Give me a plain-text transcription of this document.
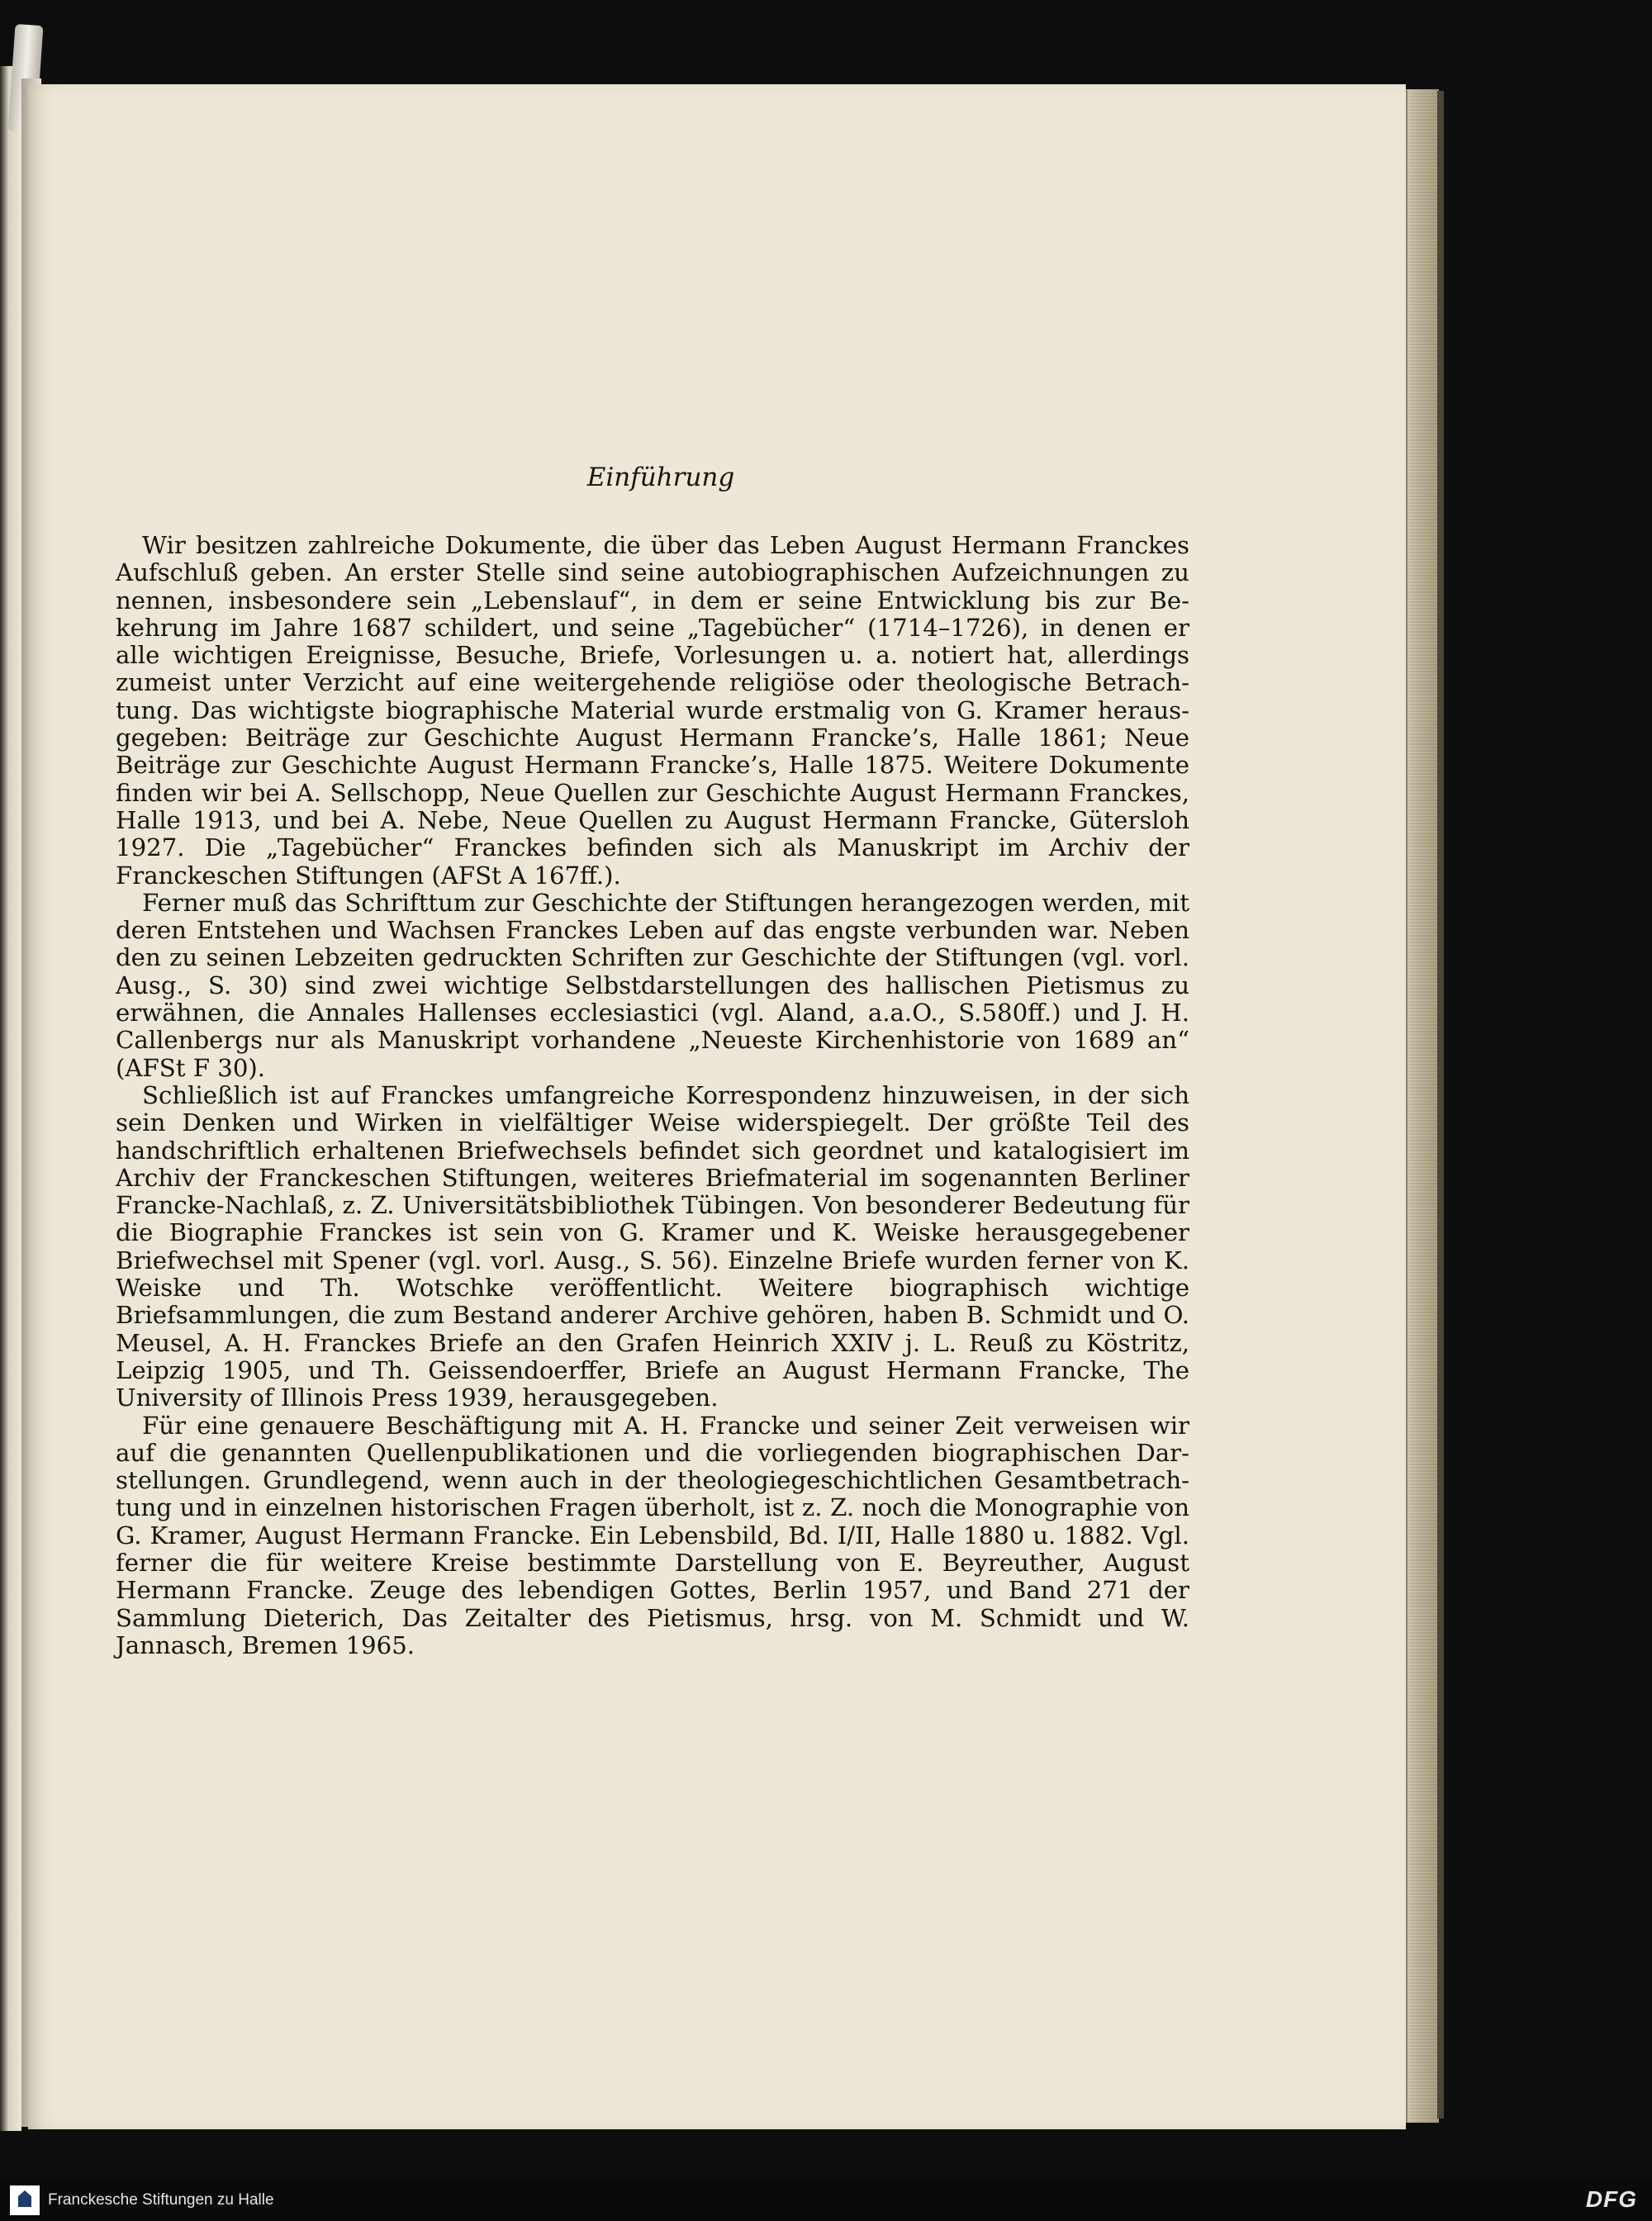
Einführung

Wir besitzen zahlreiche Dokumente, die über das Leben August Hermann Franckes Aufschluß geben. An erster Stelle sind seine autobiographischen Aufzeichnungen zu nennen, insbesondere sein „Lebenslauf“, in dem er seine Entwicklung bis zur Bekehrung im Jahre 1687 schildert, und seine „Tagebücher“ (1714–1726), in denen er alle wichtigen Ereignisse, Besuche, Briefe, Vorlesungen u. a. notiert hat, allerdings zumeist unter Verzicht auf eine weitergehende religiöse oder theologische Betrachtung. Das wichtigste biographische Material wurde erstmalig von G. Kramer herausgegeben: Beiträge zur Geschichte August Hermann Francke’s, Halle 1861; Neue Beiträge zur Geschichte August Hermann Francke’s, Halle 1875. Weitere Dokumente finden wir bei A. Sellschopp, Neue Quellen zur Geschichte August Hermann Franckes, Halle 1913, und bei A. Nebe, Neue Quellen zu August Hermann Francke, Gütersloh 1927. Die „Tagebücher“ Franckes befinden sich als Manuskript im Archiv der Franckeschen Stiftungen (AFSt A 167ff.).

Ferner muß das Schrifttum zur Geschichte der Stiftungen herangezogen werden, mit deren Entstehen und Wachsen Franckes Leben auf das engste verbunden war. Neben den zu seinen Lebzeiten gedruckten Schriften zur Geschichte der Stiftungen (vgl. vorl. Ausg., S. 30) sind zwei wichtige Selbstdarstellungen des hallischen Pietismus zu erwähnen, die Annales Hallenses ecclesiastici (vgl. Aland, a.a.O., S.580ff.) und J. H. Callenbergs nur als Manuskript vorhandene „Neueste Kirchenhistorie von 1689 an“ (AFSt F 30).

Schließlich ist auf Franckes umfangreiche Korrespondenz hinzuweisen, in der sich sein Denken und Wirken in vielfältiger Weise widerspiegelt. Der größte Teil des handschriftlich erhaltenen Briefwechsels befindet sich geordnet und katalogisiert im Archiv der Franckeschen Stiftungen, weiteres Briefmaterial im sogenannten Berliner Francke-Nachlaß, z. Z. Universitätsbibliothek Tübingen. Von besonderer Bedeutung für die Biographie Franckes ist sein von G. Kramer und K. Weiske herausgegebener Briefwechsel mit Spener (vgl. vorl. Ausg., S. 56). Einzelne Briefe wurden ferner von K. Weiske und Th. Wotschke veröffentlicht. Weitere biographisch wichtige Briefsammlungen, die zum Bestand anderer Archive gehören, haben B. Schmidt und O. Meusel, A. H. Franckes Briefe an den Grafen Heinrich XXIV j. L. Reuß zu Köstritz, Leipzig 1905, und Th. Geissendoerffer, Briefe an August Hermann Francke, The University of Illinois Press 1939, herausgegeben.

Für eine genauere Beschäftigung mit A. H. Francke und seiner Zeit verweisen wir auf die genannten Quellenpublikationen und die vorliegenden biographischen Darstellungen. Grundlegend, wenn auch in der theologiegeschichtlichen Gesamtbetrachtung und in einzelnen historischen Fragen überholt, ist z. Z. noch die Monographie von G. Kramer, August Hermann Francke. Ein Lebensbild, Bd. I/II, Halle 1880 u. 1882. Vgl. ferner die für weitere Kreise bestimmte Darstellung von E. Beyreuther, August Hermann Francke. Zeuge des lebendigen Gottes, Berlin 1957, und Band 271 der Sammlung Dieterich, Das Zeitalter des Pietismus, hrsg. von M. Schmidt und W. Jannasch, Bremen 1965.

Franckesche Stiftungen zu Halle	DFG
